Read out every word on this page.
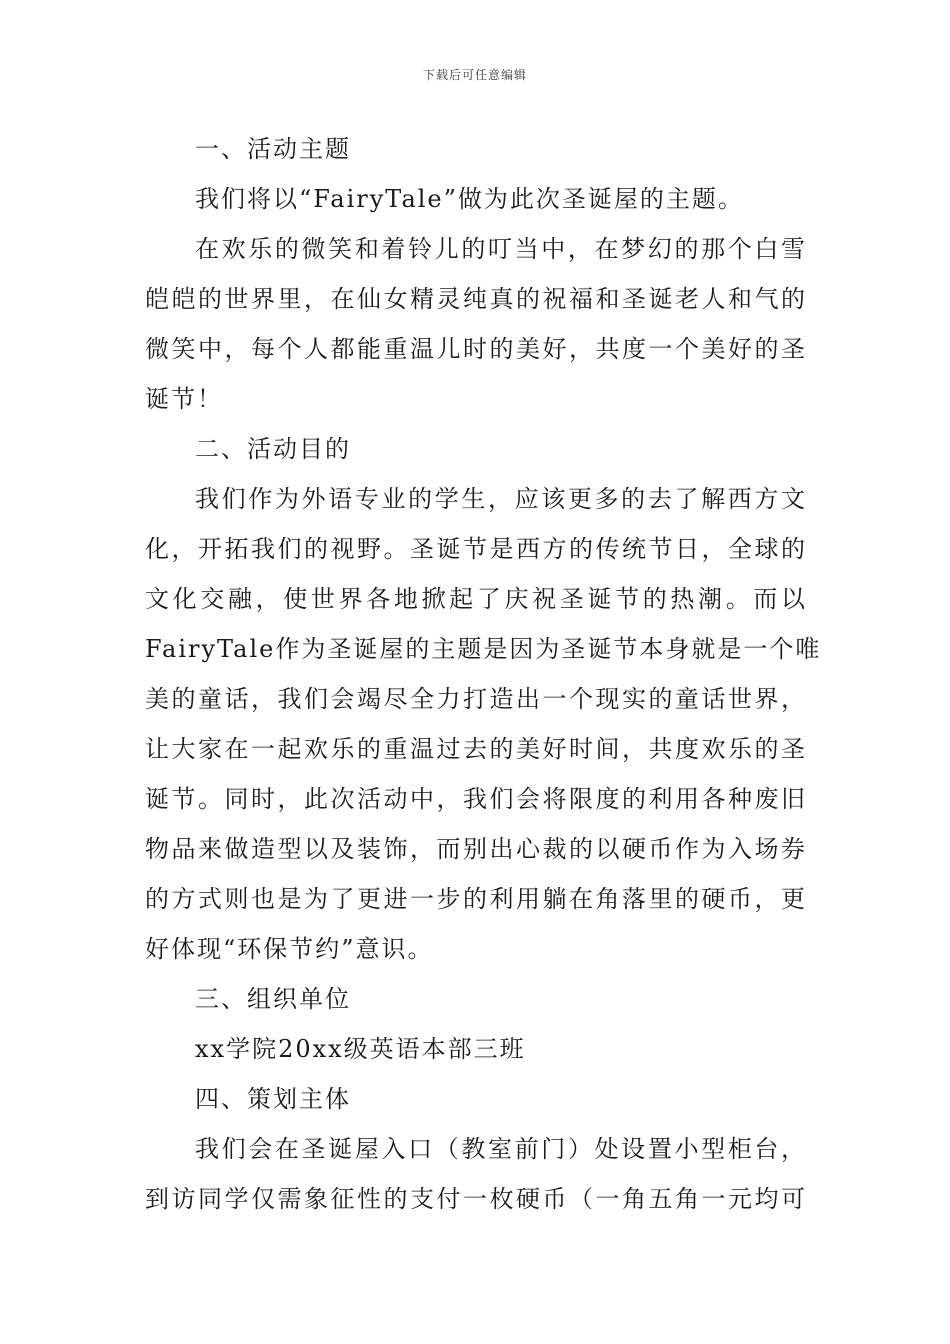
下载后可任意编辑
一、活动主题
我们将以“FairyTale”做为此次圣诞屋的主题。
在欢乐的微笑和着铃儿的叮当中，在梦幻的那个白雪
皑皑的世界里，在仙女精灵纯真的祝福和圣诞老人和气的
微笑中，每个人都能重温儿时的美好，共度一个美好的圣
诞节！
二、活动目的
我们作为外语专业的学生，应该更多的去了解西方文
化，开拓我们的视野。圣诞节是西方的传统节日，全球的
文化交融，使世界各地掀起了庆祝圣诞节的热潮。而以
FairyTale作为圣诞屋的主题是因为圣诞节本身就是一个唯
美的童话，我们会竭尽全力打造出一个现实的童话世界，
让大家在一起欢乐的重温过去的美好时间，共度欢乐的圣
诞节。同时，此次活动中，我们会将限度的利用各种废旧
物品来做造型以及装饰，而别出心裁的以硬币作为入场券
的方式则也是为了更进一步的利用躺在角落里的硬币，更
好体现“环保节约”意识。
三、组织单位
xx学院20xx级英语本部三班
四、策划主体
我们会在圣诞屋入口（教室前门）处设置小型柜台，
到访同学仅需象征性的支付一枚硬币（一角五角一元均可
